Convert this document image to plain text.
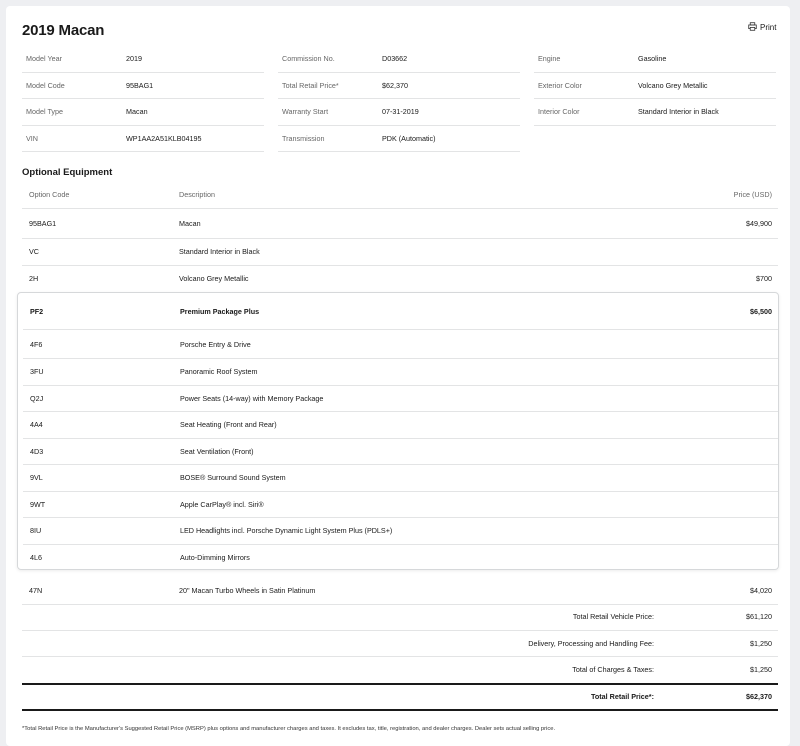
2019 Macan	Print
Model Year	2019
Model Code	95BAG1
Model Type	Macan
VIN	WP1AA2A51KLB04195
Commission No.	D03662
Total Retail Price*	$62,370
Warranty Start	07-31-2019
Transmission	PDK (Automatic)
Engine	Gasoline
Exterior Color	Volcano Grey Metallic
Interior Color	Standard Interior in Black
Optional Equipment
Option Code	Description	Price (USD)
95BAG1	Macan	$49,900
VC	Standard Interior in Black
2H	Volcano Grey Metallic	$700
PF2	Premium Package Plus	$6,500
4F6	Porsche Entry & Drive
3FU	Panoramic Roof System
Q2J	Power Seats (14-way) with Memory Package
4A4	Seat Heating (Front and Rear)
4D3	Seat Ventilation (Front)
9VL	BOSE® Surround Sound System
9WT	Apple CarPlay® incl. Siri®
8IU	LED Headlights incl. Porsche Dynamic Light System Plus (PDLS+)
4L6	Auto-Dimming Mirrors
47N	20" Macan Turbo Wheels in Satin Platinum	$4,020
Total Retail Vehicle Price:	$61,120
Delivery, Processing and Handling Fee:	$1,250
Total of Charges & Taxes:	$1,250
Total Retail Price*:	$62,370
*Total Retail Price is the Manufacturer's Suggested Retail Price (MSRP) plus options and manufacturer charges and taxes. It excludes tax, title, registration, and dealer charges. Dealer sets actual selling price.
